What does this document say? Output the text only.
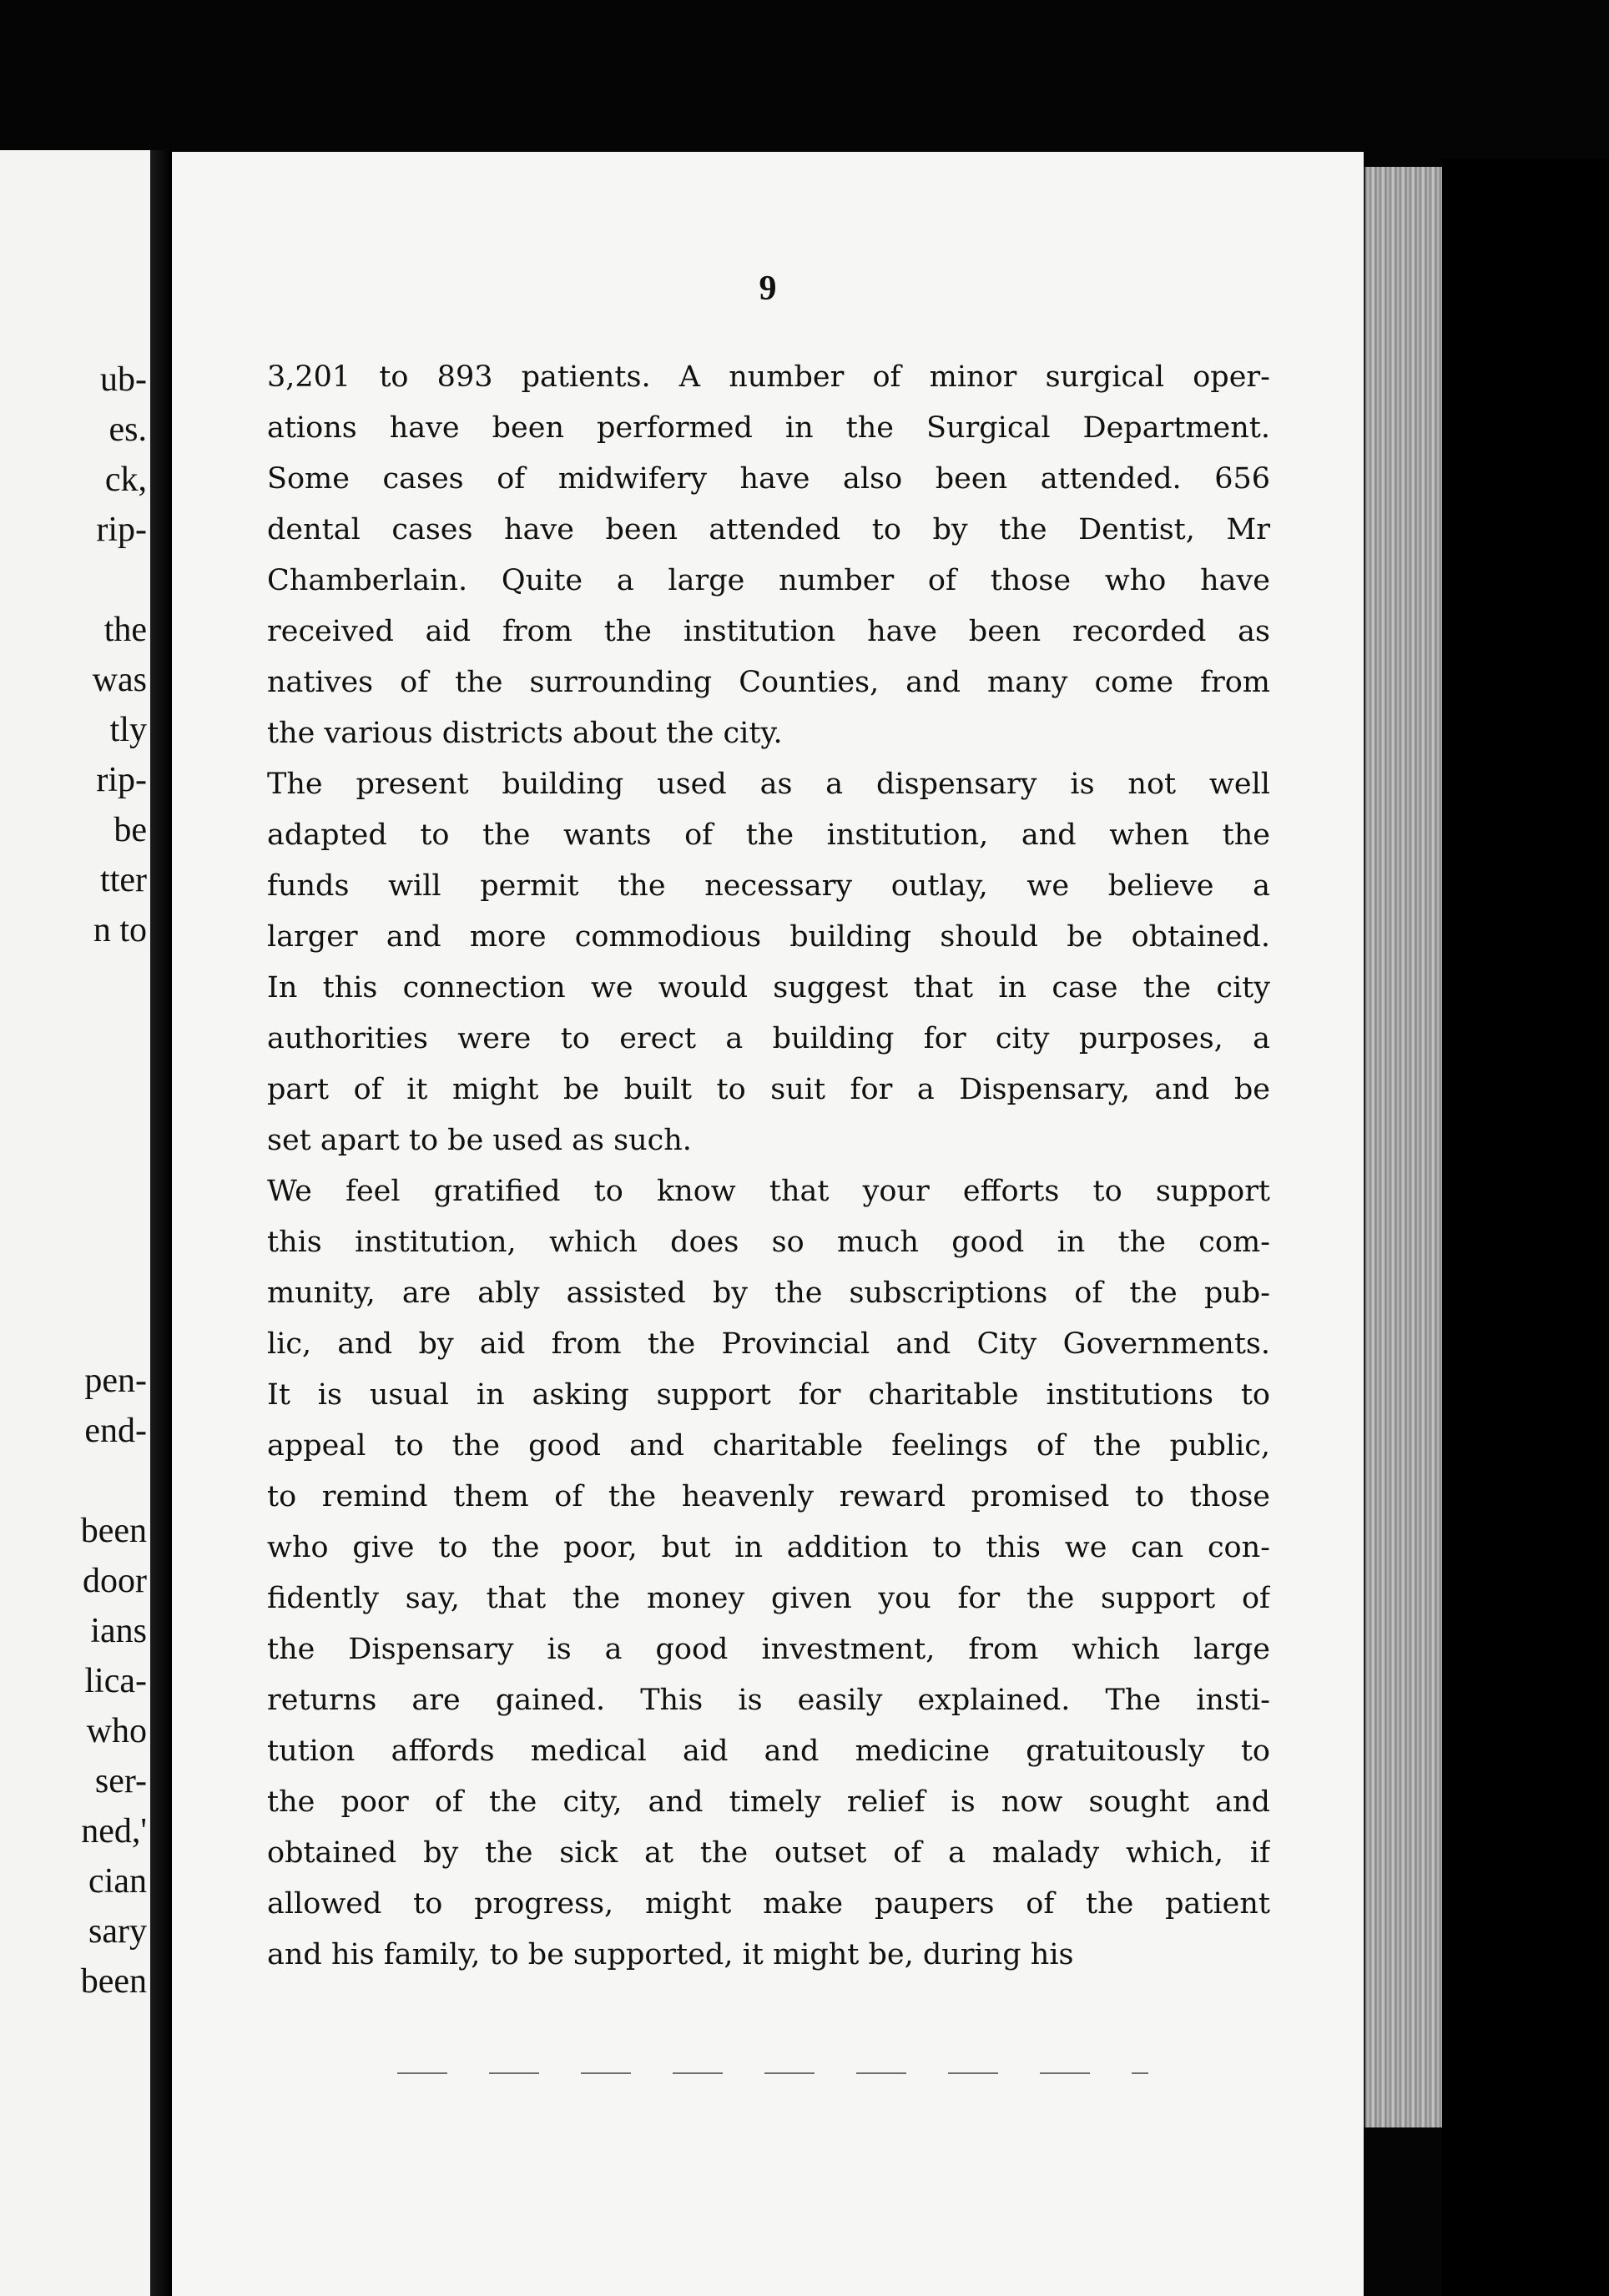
ub-
es.
ck,
rip-
the
was
tly
rip-
be
tter
n to
pen-
end-
been
door
ians
lica-
who
ser-
ned,'
cian
sary
been
9
3,201 to 893 patients. A number of minor surgical oper-
ations have been performed in the Surgical Department.
Some cases of midwifery have also been attended. 656
dental cases have been attended to by the Dentist, Mr
Chamberlain. Quite a large number of those who have
received aid from the institution have been recorded as
natives of the surrounding Counties, and many come from
the various districts about the city.
The present building used as a dispensary is not well
adapted to the wants of the institution, and when the
funds will permit the necessary outlay, we believe a
larger and more commodious building should be obtained.
In this connection we would suggest that in case the city
authorities were to erect a building for city purposes, a
part of it might be built to suit for a Dispensary, and be
set apart to be used as such.
We feel gratified to know that your efforts to support
this institution, which does so much good in the com-
munity, are ably assisted by the subscriptions of the pub-
lic, and by aid from the Provincial and City Governments.
It is usual in asking support for charitable institutions to
appeal to the good and charitable feelings of the public,
to remind them of the heavenly reward promised to those
who give to the poor, but in addition to this we can con-
fidently say, that the money given you for the support of
the Dispensary is a good investment, from which large
returns are gained. This is easily explained. The insti-
tution affords medical aid and medicine gratuitously to
the poor of the city, and timely relief is now sought and
obtained by the sick at the outset of a malady which, if
allowed to progress, might make paupers of the patient
and his family, to be supported, it might be, during his
